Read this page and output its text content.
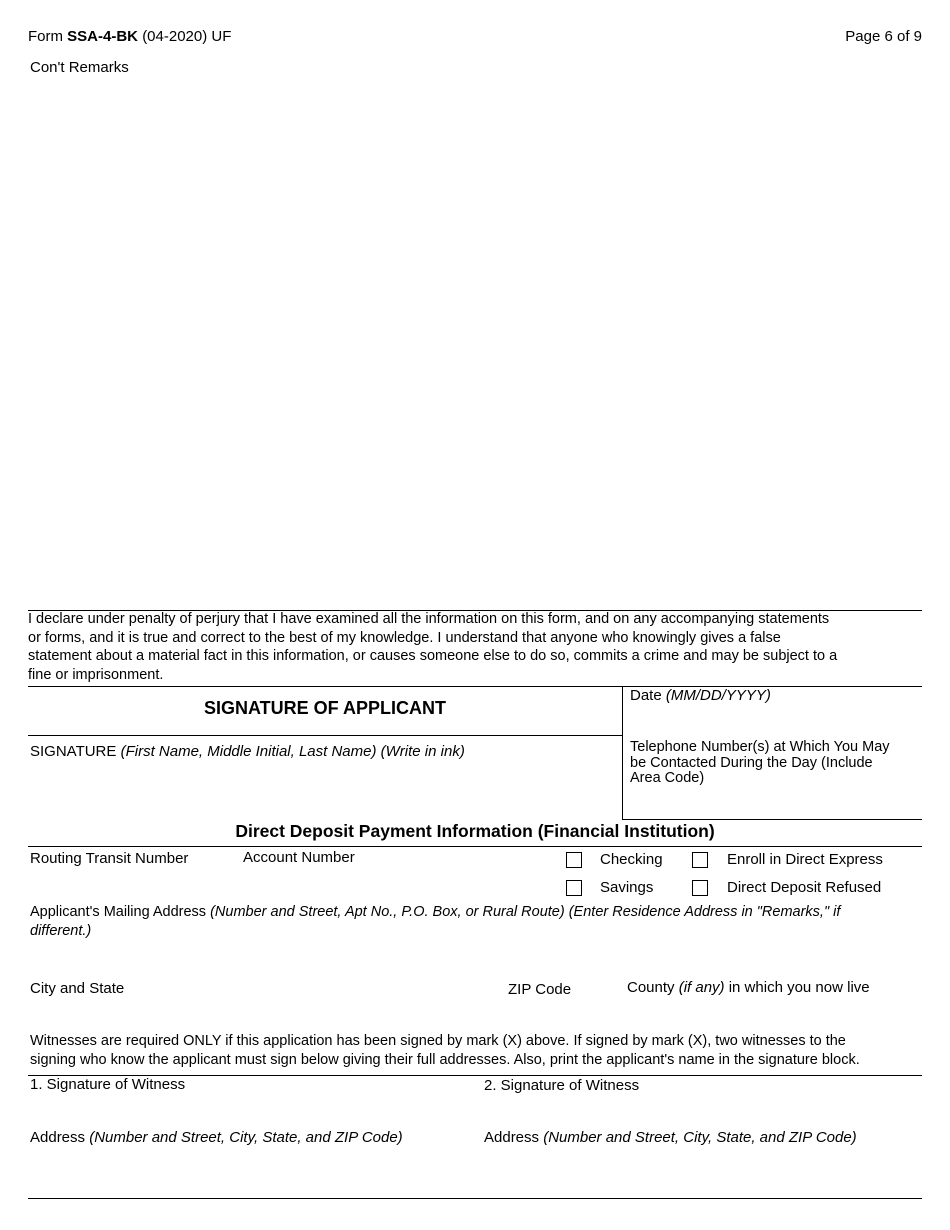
Form SSA-4-BK (04-2020) UF	Page 6 of 9
Con't Remarks
I declare under penalty of perjury that I have examined all the information on this form, and on any accompanying statements
or forms, and it is true and correct to the best of my knowledge. I understand that anyone who knowingly gives a false
statement about a material fact in this information, or causes someone else to do so, commits a crime and may be subject to a
fine or imprisonment.
SIGNATURE OF APPLICANT
Date (MM/DD/YYYY)
SIGNATURE (First Name, Middle Initial, Last Name) (Write in ink)	Telephone Number(s) at Which You May
be Contacted During the Day (Include
Area Code)
Direct Deposit Payment Information (Financial Institution)
Routing Transit Number	Account Number	Checking	Enroll in Direct Express
Savings	Direct Deposit Refused
Applicant's Mailing Address (Number and Street, Apt No., P.O. Box, or Rural Route) (Enter Residence Address in "Remarks," if
different.)
City and State	ZIP Code	County (if any) in which you now live
Witnesses are required ONLY if this application has been signed by mark (X) above. If signed by mark (X), two witnesses to the
signing who know the applicant must sign below giving their full addresses. Also, print the applicant's name in the signature block.
1. Signature of Witness	2. Signature of Witness
Address (Number and Street, City, State, and ZIP Code)	Address (Number and Street, City, State, and ZIP Code)
